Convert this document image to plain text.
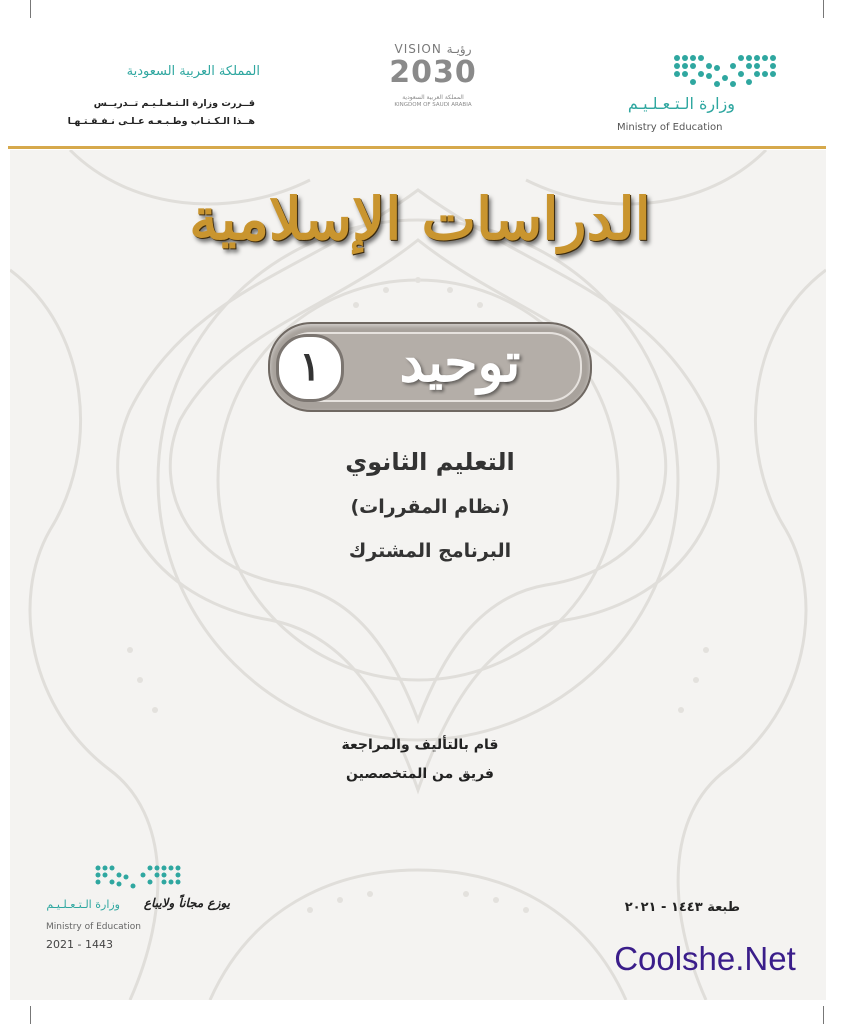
المملكة العربية السعودية
قــررت وزارة الـتـعـلـيـم تــدريــس
هــذا الـكـتـاب وطـبـعـه عـلـى نـفـقـتـهـا
VISION رؤيـة
2030
المملكة العربية السعودية
KINGDOM OF SAUDI ARABIA	وزارة الـتـعـلـيـم
Ministry of Education
الدراسات الإسلامية
١	توحيد
التعليم الثانوي
(نظام المقررات)
البرنامج المشترك
قام بالتأليف والمراجعة
فريق من المتخصصين
طبعة ١٤٤٣ - ٢٠٢١
وزارة الـتـعـلـيـم	يوزع مجاناً ولايباع
Ministry of Education
2021 - 1443	Coolshe.Net
